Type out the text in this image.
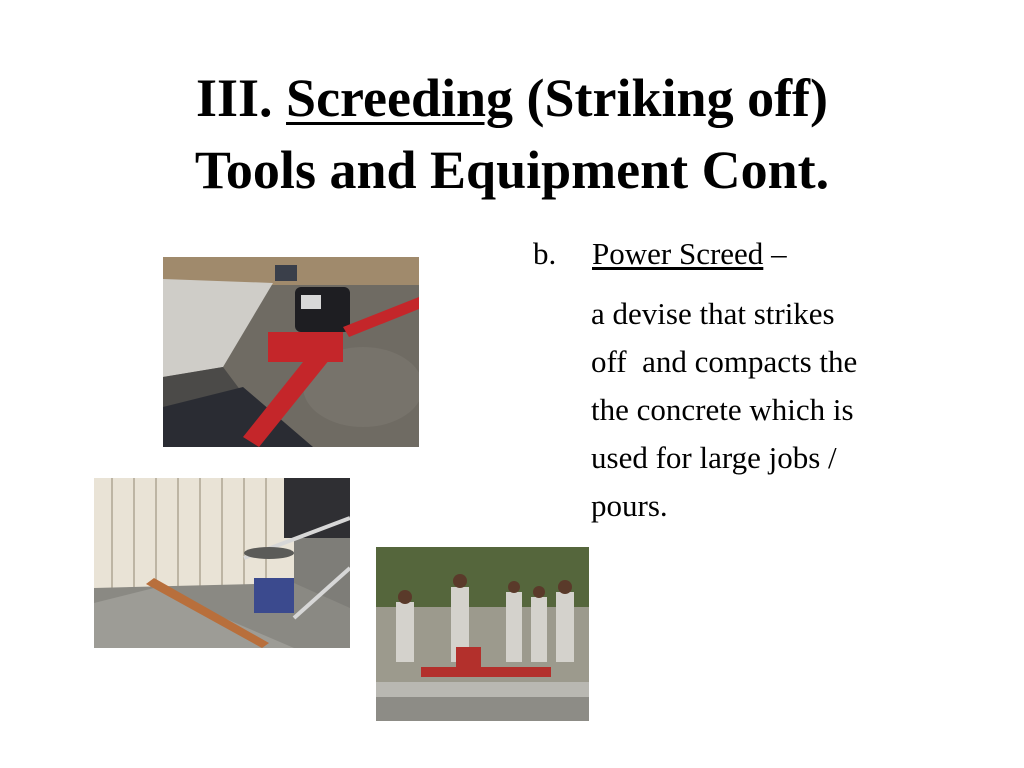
III. Screeding (Striking off)
Tools and Equipment Cont.
b. Power Screed –
a devise that strikes
off  and compacts the
the concrete which is
used for large jobs /
pours.
